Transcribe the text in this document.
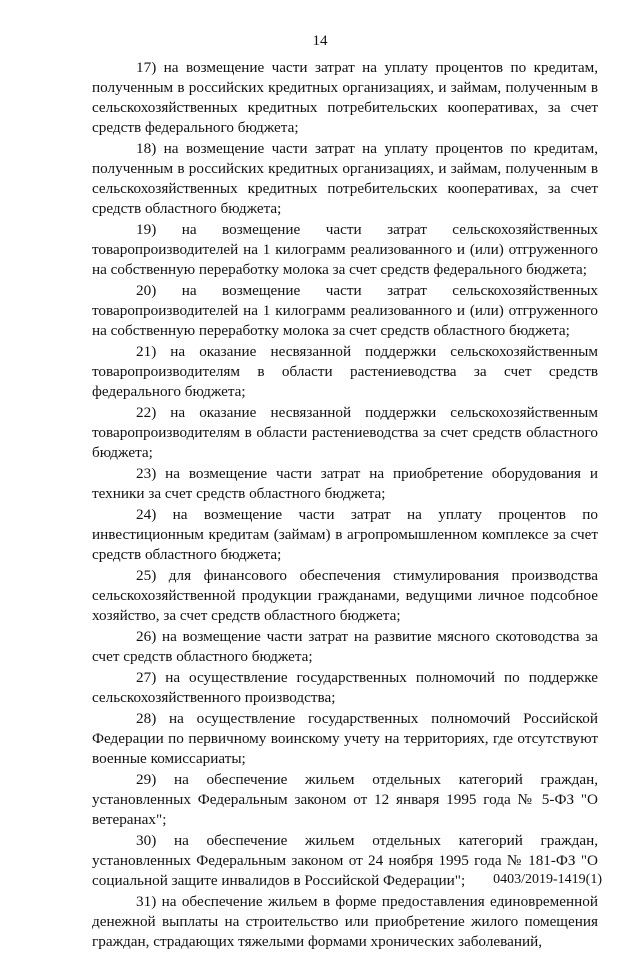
14

17) на возмещение части затрат на уплату процентов по кредитам, полученным в российских кредитных организациях, и займам, полученным в сельскохозяйственных кредитных потребительских кооперативах, за счет средств федерального бюджета;

18) на возмещение части затрат на уплату процентов по кредитам, полученным в российских кредитных организациях, и займам, полученным в сельскохозяйственных кредитных потребительских кооперативах, за счет средств областного бюджета;

19) на возмещение части затрат сельскохозяйственных товаропроизводителей на 1 килограмм реализованного и (или) отгруженного на собственную переработку молока за счет средств федерального бюджета;

20) на возмещение части затрат сельскохозяйственных товаропроизводителей на 1 килограмм реализованного и (или) отгруженного на собственную переработку молока за счет средств областного бюджета;

21) на оказание несвязанной поддержки сельскохозяйственным товаропроизводителям в области растениеводства за счет средств федерального бюджета;

22) на оказание несвязанной поддержки сельскохозяйственным товаропроизводителям в области растениеводства за счет средств областного бюджета;

23) на возмещение части затрат на приобретение оборудования и техники за счет средств областного бюджета;

24) на возмещение части затрат на уплату процентов по инвестиционным кредитам (займам) в агропромышленном комплексе за счет средств областного бюджета;

25) для финансового обеспечения стимулирования производства сельскохозяйственной продукции гражданами, ведущими личное подсобное хозяйство, за счет средств областного бюджета;

26) на возмещение части затрат на развитие мясного скотоводства за счет средств областного бюджета;

27) на осуществление государственных полномочий по поддержке сельскохозяйственного производства;

28) на осуществление государственных полномочий Российской Федерации по первичному воинскому учету на территориях, где отсутствуют военные комиссариаты;

29) на обеспечение жильем отдельных категорий граждан, установленных Федеральным законом от 12 января 1995 года № 5-ФЗ "О ветеранах";

30) на обеспечение жильем отдельных категорий граждан, установленных Федеральным законом от 24 ноября 1995 года № 181-ФЗ "О социальной защите инвалидов в Российской Федерации";

31) на обеспечение жильем в форме предоставления единовременной денежной выплаты на строительство или приобретение жилого помещения граждан, страдающих тяжелыми формами хронических заболеваний,

0403/2019-1419(1)
